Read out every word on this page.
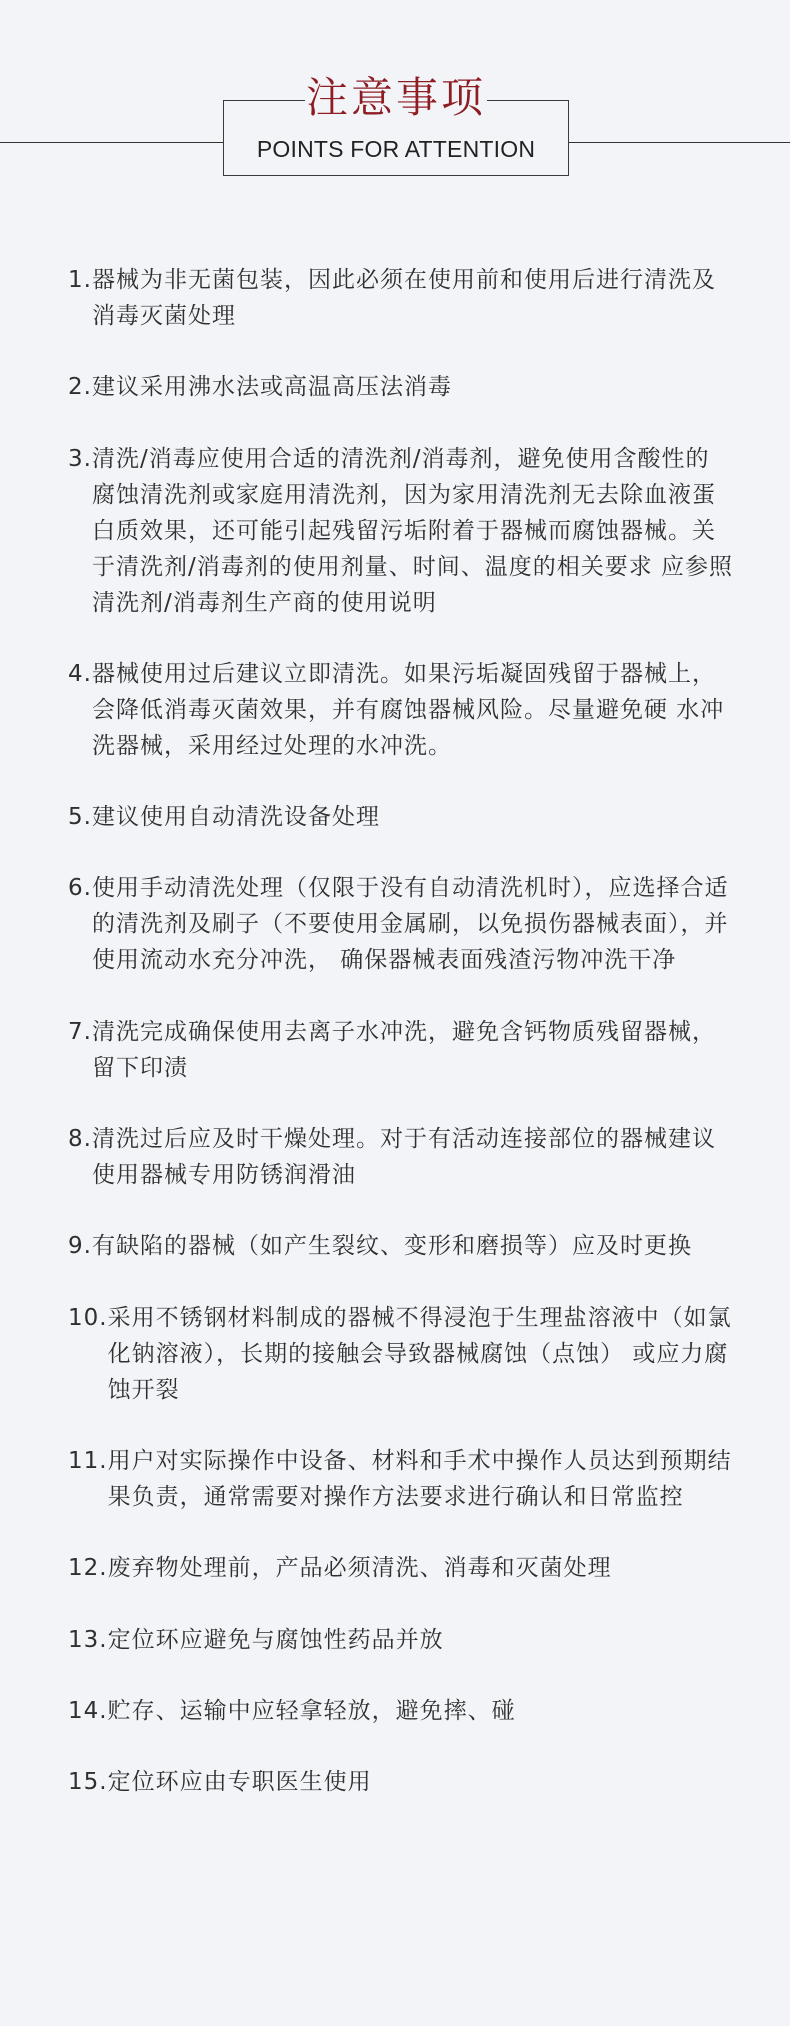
注意事项
POINTS FOR ATTENTION
1. 器械为非无菌包装，因此必须在使用前和使用后进行清洗及消毒灭菌处理
2. 建议采用沸水法或高温高压法消毒
3. 清洗/消毒应使用合适的清洗剂/消毒剂，避免使用含酸性的腐蚀清洗剂或家庭用清洗剂，因为家用清洗剂无去除血液蛋白质效果，还可能引起残留污垢附着于器械而腐蚀器械。关于清洗剂/消毒剂的使用剂量、时间、温度的相关要求 应参照清洗剂/消毒剂生产商的使用说明
4. 器械使用过后建议立即清洗。如果污垢凝固残留于器械上，会降低消毒灭菌效果，并有腐蚀器械风险。尽量避免硬 水冲洗器械，采用经过处理的水冲洗。
5. 建议使用自动清洗设备处理
6. 使用手动清洗处理（仅限于没有自动清洗机时），应选择合适的清洗剂及刷子（不要使用金属刷，以免损伤器械表面），并使用流动水充分冲洗， 确保器械表面残渣污物冲洗干净
7. 清洗完成确保使用去离子水冲洗，避免含钙物质残留器械，留下印渍
8. 清洗过后应及时干燥处理。对于有活动连接部位的器械建议使用器械专用防锈润滑油
9. 有缺陷的器械（如产生裂纹、变形和磨损等）应及时更换
10. 采用不锈钢材料制成的器械不得浸泡于生理盐溶液中（如氯化钠溶液），长期的接触会导致器械腐蚀（点蚀） 或应力腐蚀开裂
11. 用户对实际操作中设备、材料和手术中操作人员达到预期结果负责，通常需要对操作方法要求进行确认和日常监控
12. 废弃物处理前，产品必须清洗、消毒和灭菌处理
13. 定位环应避免与腐蚀性药品并放
14. 贮存、运输中应轻拿轻放，避免摔、碰
15. 定位环应由专职医生使用
